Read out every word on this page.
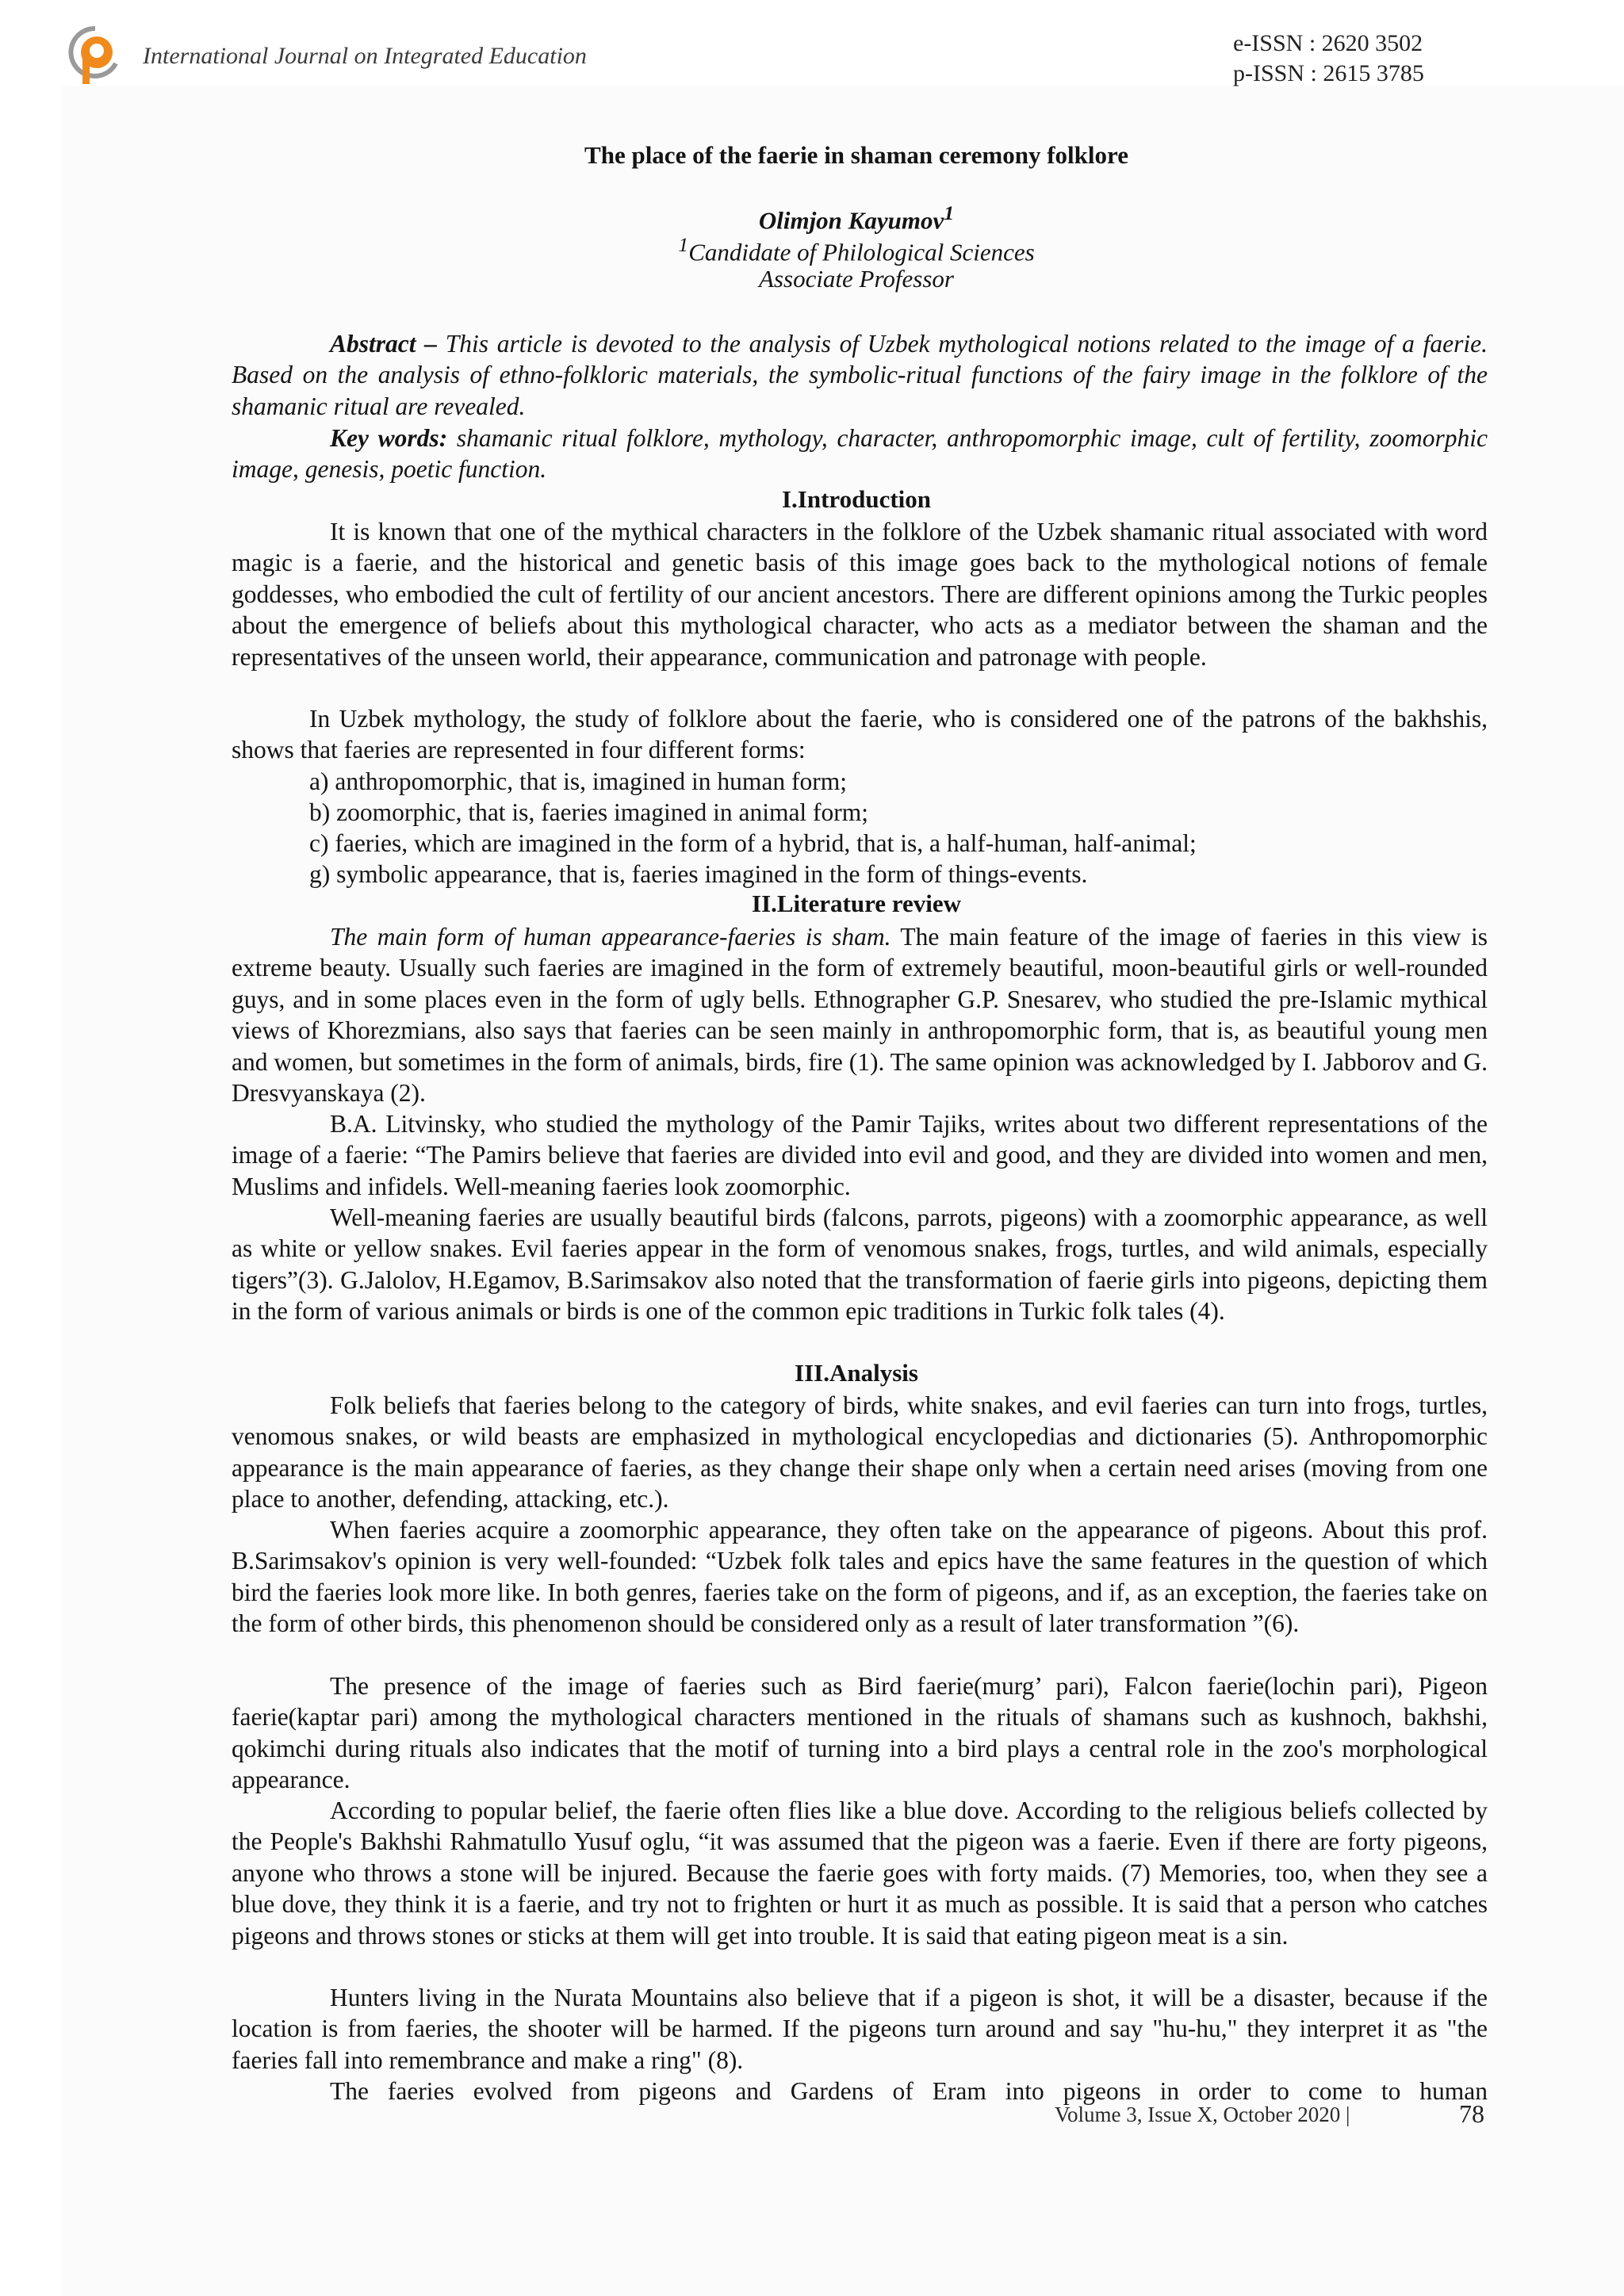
International Journal on Integrated Education	e-ISSN : 2620 3502
p-ISSN : 2615 3785
The place of the faerie in shaman ceremony folklore
Olimjon Kayumov$^1$
$^1$Candidate of Philological Sciences
Associate Professor
Abstract – This article is devoted to the analysis of Uzbek mythological notions related to the image of a faerie. Based on the analysis of ethno-folkloric materials, the symbolic-ritual functions of the fairy image in the folklore of the shamanic ritual are revealed.
Key words: shamanic ritual folklore, mythology, character, anthropomorphic image, cult of fertility, zoomorphic image, genesis, poetic function.
I.Introduction
It is known that one of the mythical characters in the folklore of the Uzbek shamanic ritual associated with word magic is a faerie, and the historical and genetic basis of this image goes back to the mythological notions of female goddesses, who embodied the cult of fertility of our ancient ancestors. There are different opinions among the Turkic peoples about the emergence of beliefs about this mythological character, who acts as a mediator between the shaman and the representatives of the unseen world, their appearance, communication and patronage with people.
In Uzbek mythology, the study of folklore about the faerie, who is considered one of the patrons of the bakhshis, shows that faeries are represented in four different forms:
a) anthropomorphic, that is, imagined in human form;
b) zoomorphic, that is, faeries imagined in animal form;
c) faeries, which are imagined in the form of a hybrid, that is, a half-human, half-animal;
g) symbolic appearance, that is, faeries imagined in the form of things-events.
II.Literature review
The main form of human appearance-faeries is sham. The main feature of the image of faeries in this view is extreme beauty. Usually such faeries are imagined in the form of extremely beautiful, moon-beautiful girls or well-rounded guys, and in some places even in the form of ugly bells. Ethnographer G.P. Snesarev, who studied the pre-Islamic mythical views of Khorezmians, also says that faeries can be seen mainly in anthropomorphic form, that is, as beautiful young men and women, but sometimes in the form of animals, birds, fire (1). The same opinion was acknowledged by I. Jabborov and G. Dresvyanskaya (2).
B.A. Litvinsky, who studied the mythology of the Pamir Tajiks, writes about two different representations of the image of a faerie: “The Pamirs believe that faeries are divided into evil and good, and they are divided into women and men, Muslims and infidels. Well-meaning faeries look zoomorphic.
Well-meaning faeries are usually beautiful birds (falcons, parrots, pigeons) with a zoomorphic appearance, as well as white or yellow snakes. Evil faeries appear in the form of venomous snakes, frogs, turtles, and wild animals, especially tigers”(3). G.Jalolov, H.Egamov, B.Sarimsakov also noted that the transformation of faerie girls into pigeons, depicting them in the form of various animals or birds is one of the common epic traditions in Turkic folk tales (4).
III.Analysis
Folk beliefs that faeries belong to the category of birds, white snakes, and evil faeries can turn into frogs, turtles, venomous snakes, or wild beasts are emphasized in mythological encyclopedias and dictionaries (5). Anthropomorphic appearance is the main appearance of faeries, as they change their shape only when a certain need arises (moving from one place to another, defending, attacking, etc.).
When faeries acquire a zoomorphic appearance, they often take on the appearance of pigeons. About this prof. B.Sarimsakov's opinion is very well-founded: “Uzbek folk tales and epics have the same features in the question of which bird the faeries look more like. In both genres, faeries take on the form of pigeons, and if, as an exception, the faeries take on the form of other birds, this phenomenon should be considered only as a result of later transformation ”(6).
The presence of the image of faeries such as Bird faerie(murg’ pari), Falcon faerie(lochin pari), Pigeon faerie(kaptar pari) among the mythological characters mentioned in the rituals of shamans such as kushnoch, bakhshi, qokimchi during rituals also indicates that the motif of turning into a bird plays a central role in the zoo's morphological appearance.
According to popular belief, the faerie often flies like a blue dove. According to the religious beliefs collected by the People's Bakhshi Rahmatullo Yusuf oglu, “it was assumed that the pigeon was a faerie. Even if there are forty pigeons, anyone who throws a stone will be injured. Because the faerie goes with forty maids. (7) Memories, too, when they see a blue dove, they think it is a faerie, and try not to frighten or hurt it as much as possible. It is said that a person who catches pigeons and throws stones or sticks at them will get into trouble. It is said that eating pigeon meat is a sin.
Hunters living in the Nurata Mountains also believe that if a pigeon is shot, it will be a disaster, because if the location is from faeries, the shooter will be harmed. If the pigeons turn around and say "hu-hu," they interpret it as "the faeries fall into remembrance and make a ring" (8).
The faeries evolved from pigeons and Gardens of Eram into pigeons in order to come to human
Volume 3, Issue X, October 2020 |	78
